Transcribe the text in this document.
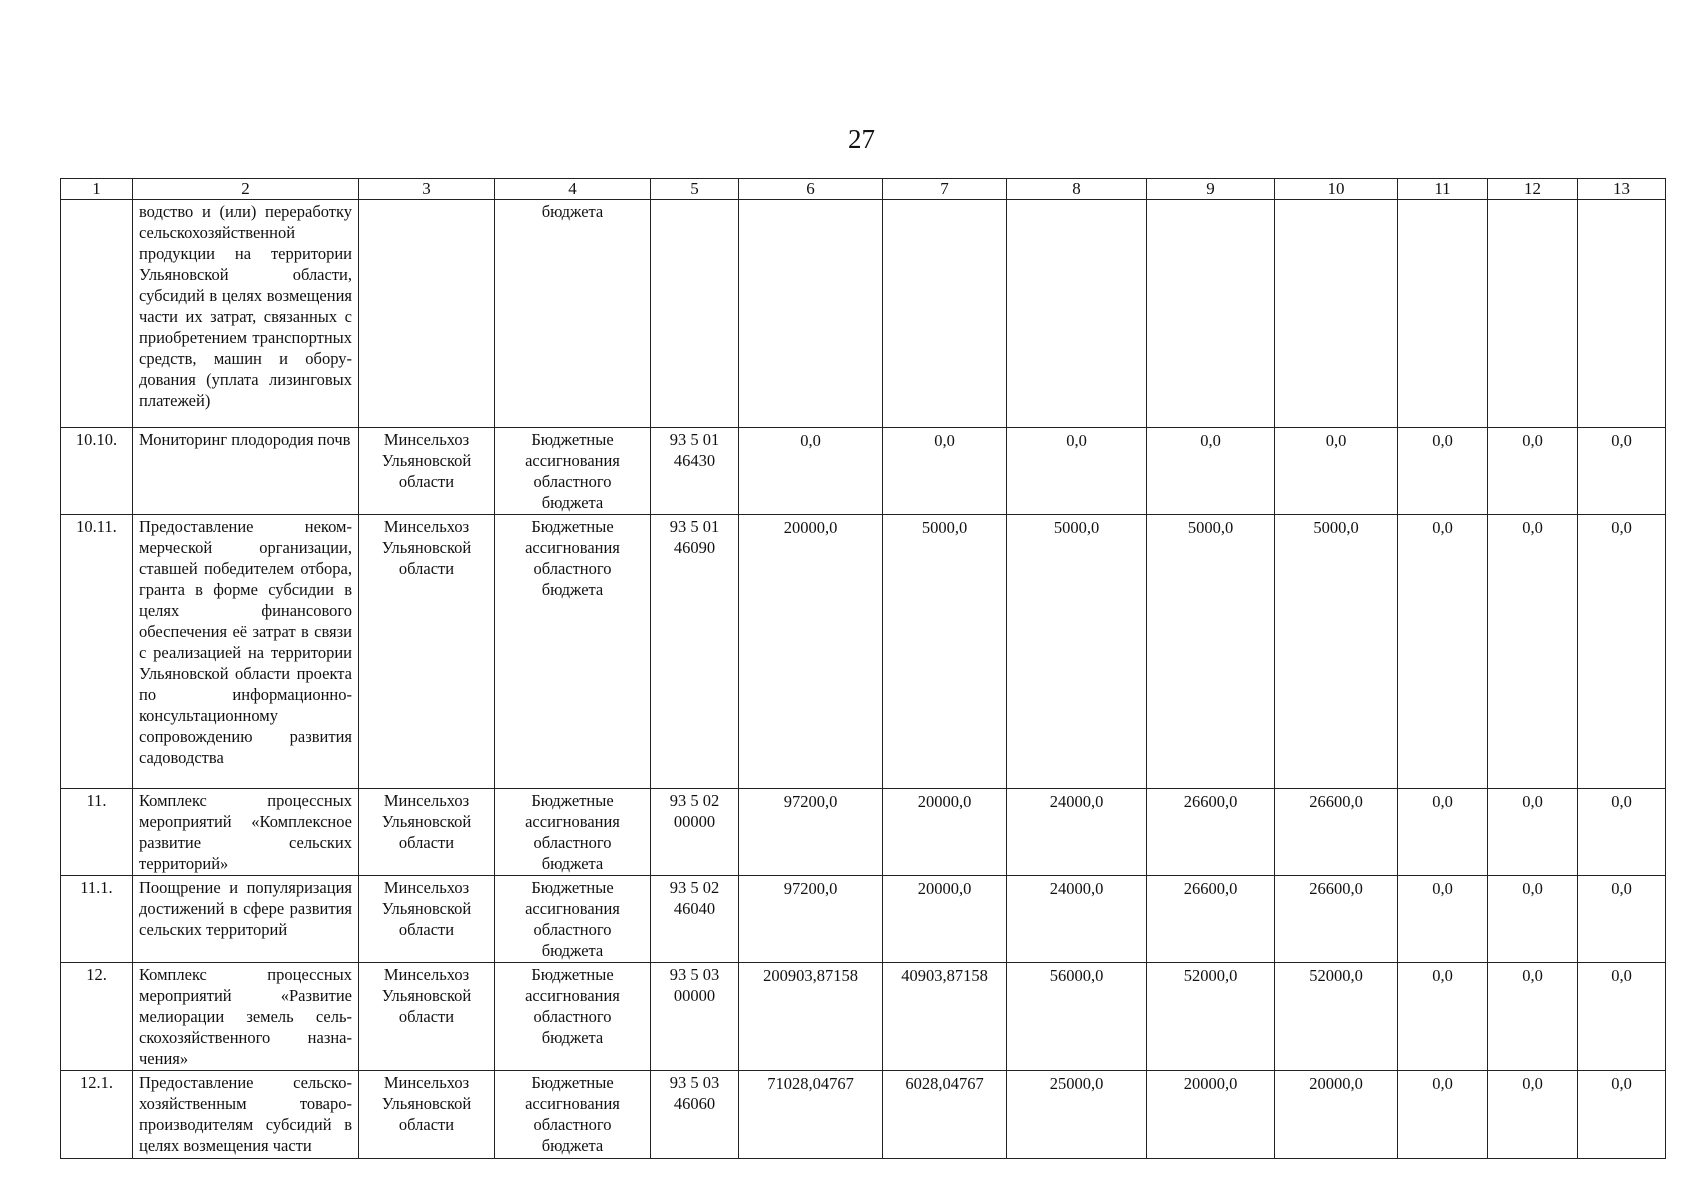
27
1	2	3	4	5	6	7	8	9	10	11	12	13
	водство и (или) переработку сельскохозяйственной продукции на территории Ульяновской области, субсидий в целях возмещения части их затрат, связанных с приобретением транспортных средств, машин и оборудования (уплата лизинговых платежей)		бюджета									
10.10.	Мониторинг плодородия почв	Минсельхоз Ульяновской области	Бюджетные ассигнования областного бюджета	93 5 01 46430	0,0	0,0	0,0	0,0	0,0	0,0	0,0	0,0
10.11.	Предоставление некоммерческой организации, ставшей победителем отбора, гранта в форме субсидии в целях финансового обеспечения её затрат в связи с реализацией на территории Ульяновской области проекта по информационно-консультационному сопровождению развития садоводства	Минсельхоз Ульяновской области	Бюджетные ассигнования областного бюджета	93 5 01 46090	20000,0	5000,0	5000,0	5000,0	5000,0	0,0	0,0	0,0
11.	Комплекс процессных мероприятий «Комплексное развитие сельских территорий»	Минсельхоз Ульяновской области	Бюджетные ассигнования областного бюджета	93 5 02 00000	97200,0	20000,0	24000,0	26600,0	26600,0	0,0	0,0	0,0
11.1.	Поощрение и популяризация достижений в сфере развития сельских территорий	Минсельхоз Ульяновской области	Бюджетные ассигнования областного бюджета	93 5 02 46040	97200,0	20000,0	24000,0	26600,0	26600,0	0,0	0,0	0,0
12.	Комплекс процессных мероприятий «Развитие мелиорации земель сельскохозяйственного назначения»	Минсельхоз Ульяновской области	Бюджетные ассигнования областного бюджета	93 5 03 00000	200903,87158	40903,87158	56000,0	52000,0	52000,0	0,0	0,0	0,0
12.1.	Предоставление сельскохозяйственным товаропроизводителям субсидий в целях возмещения части	Минсельхоз Ульяновской области	Бюджетные ассигнования областного бюджета	93 5 03 46060	71028,04767	6028,04767	25000,0	20000,0	20000,0	0,0	0,0	0,0
